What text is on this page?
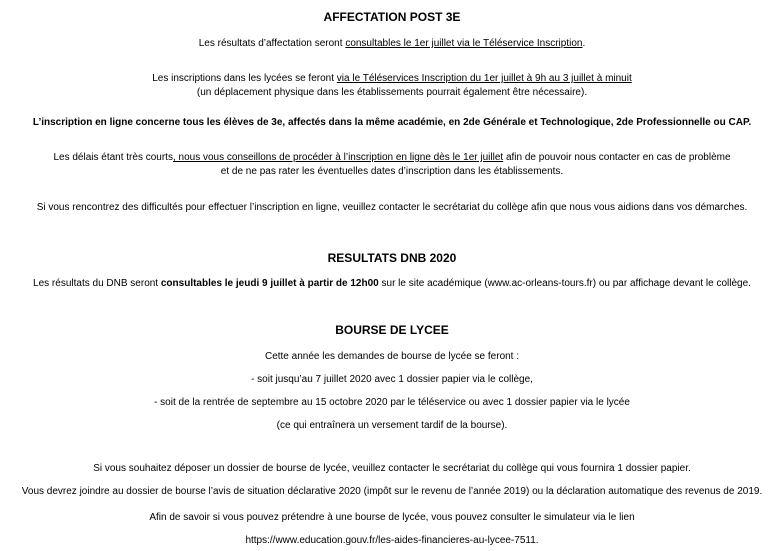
AFFECTATION POST 3E
Les résultats d’affectation seront consultables le 1er juillet via le Téléservice Inscription.
Les inscriptions dans les lycées se feront via le Téléservices Inscription du 1er juillet à 9h au 3 juillet à minuit
(un déplacement physique dans les établissements pourrait également être nécessaire).
L’inscription en ligne concerne tous les élèves de 3e, affectés dans la même académie, en 2de Générale et Technologique, 2de Professionnelle ou CAP.
Les délais étant très courts, nous vous conseillons de procéder à l’inscription en ligne dès le 1er juillet afin de pouvoir nous contacter en cas de problème
et de ne pas rater les éventuelles dates d’inscription dans les établissements.
Si vous rencontrez des difficultés pour effectuer l’inscription en ligne, veuillez contacter le secrétariat du collège afin que nous vous aidions dans vos démarches.
RESULTATS DNB 2020
Les résultats du DNB seront consultables le jeudi 9 juillet à partir de 12h00 sur le site académique (www.ac-orleans-tours.fr) ou par affichage devant le collège.
BOURSE DE LYCEE
Cette année les demandes de bourse de lycée se feront :
- soit jusqu’au 7 juillet 2020 avec 1 dossier papier via le collège,
- soit de la rentrée de septembre au 15 octobre 2020 par le téléservice ou avec 1 dossier papier via le lycée
(ce qui entraînera un versement tardif de la bourse).
Si vous souhaitez déposer un dossier de bourse de lycée, veuillez contacter le secrétariat du collège qui vous fournira 1 dossier papier.
Vous devrez joindre au dossier de bourse l’avis de situation déclarative 2020 (impôt sur le revenu de l’année 2019) ou la déclaration automatique des revenus de 2019.
Afin de savoir si vous pouvez prétendre à une bourse de lycée, vous pouvez consulter le simulateur via le lien
https://www.education.gouv.fr/les-aides-financieres-au-lycee-7511.
